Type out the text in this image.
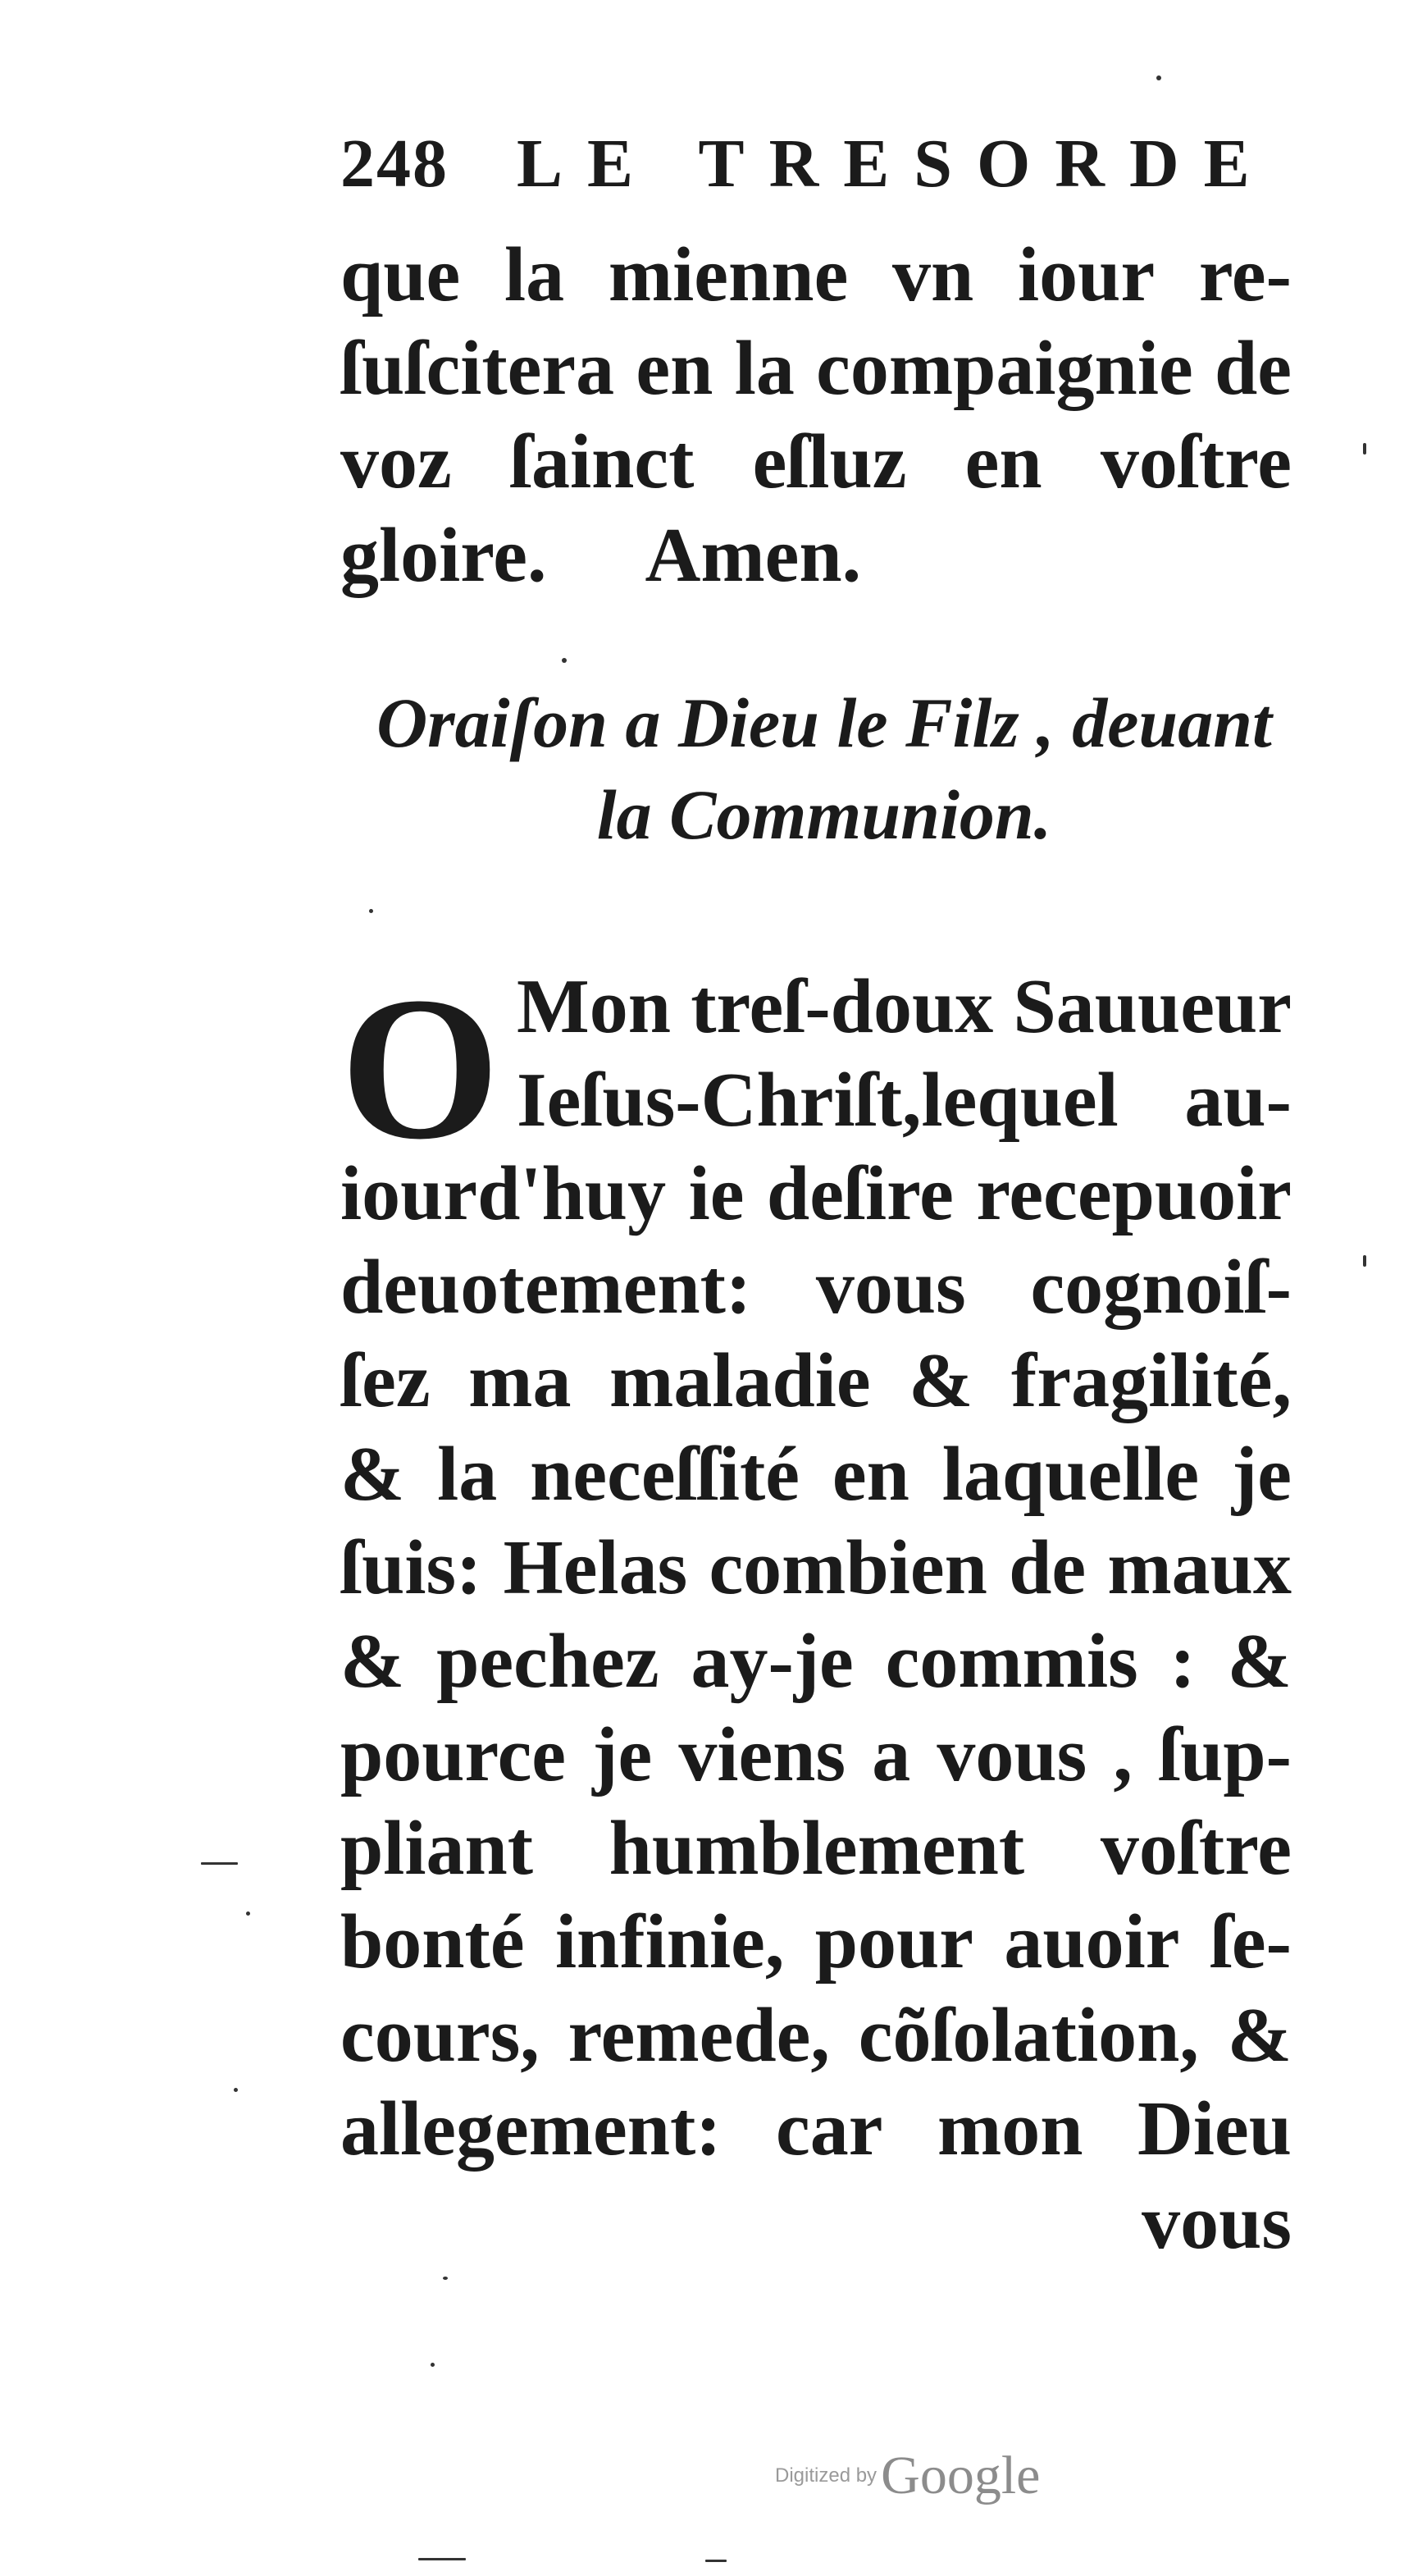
248 LE TRESORDE
que la mienne vn iour re-
ſuſcitera en la compaignie de
voz ſainct eſluz en voſtre
gloire. Amen.
Oraiſon a Dieu le Filz , deuant
la Communion.
O Mon treſ-doux Sauueur
Ieſus-Chriſt,lequel au-
iourd'huy ie deſire recepuoir
deuotement: vous cognoiſ-
ſez ma maladie & fragilité,
& la neceſſité en laquelle je
ſuis: Helas combien de maux
& pechez ay-je commis : &
pource je viens a vous , ſup-
pliant humblement voſtre
bonté infinie, pour auoir ſe-
cours, remede, cõſolation, &
allegement: car mon Dieu
vous
Digitized by Google
